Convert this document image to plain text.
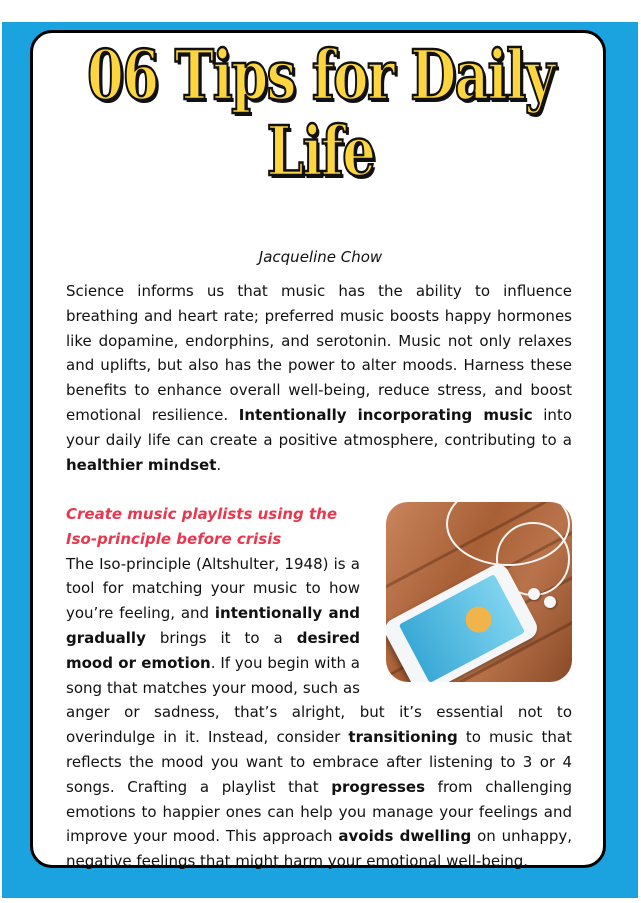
06 Tips for Daily Life
Jacqueline Chow

Science informs us that music has the ability to influence breathing and heart rate; preferred music boosts happy hormones like dopamine, endorphins, and serotonin. Music not only relaxes and uplifts, but also has the power to alter moods. Harness these benefits to enhance overall well-being, reduce stress, and boost emotional resilience. Intentionally incorporating music into your daily life can create a positive atmosphere, contributing to a healthier mindset.

Create music playlists using the Iso-principle before crisis

The Iso-principle (Altshulter, 1948) is a tool for matching your music to how you’re feeling, and intentionally and gradually brings it to a desired mood or emotion. If you begin with a song that matches your mood, such as anger or sadness, that’s alright, but it’s essential not to overindulge in it. Instead, consider transitioning to music that reflects the mood you want to embrace after listening to 3 or 4 songs. Crafting a playlist that progresses from challenging emotions to happier ones can help you manage your feelings and improve your mood. This approach avoids dwelling on unhappy, negative feelings that might harm your emotional well-being.
